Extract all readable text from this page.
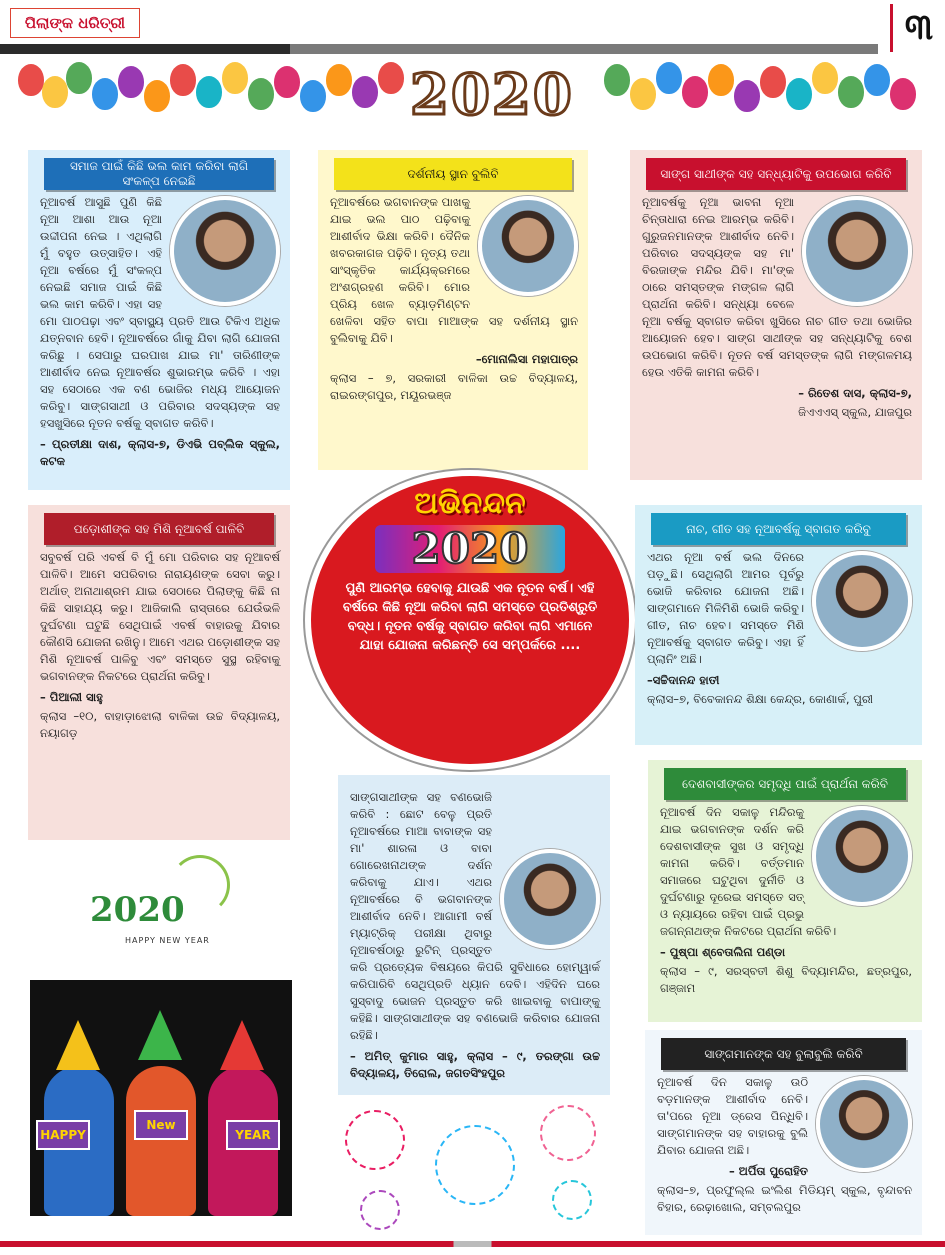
ପିଲାଙ୍କ ଧରିତ୍ରୀ	୩
2020
ସମାଜ ପାଇଁ କିଛି ଭଲ କାମ କରିବା ଲାଗି ସଂକଳ୍ପ ନେଇଛି

ନୂଆବର୍ଷ ଆସୁଛି ପୁଣି କିଛି ନୂଆ ଆଶା ଆଉ ନୂଆ ଉଦ୍ଦୀପନା ନେଇ । ଏଥିଲାଗି ମୁଁ ବହୁତ ଉତ୍ସାହିତ। ଏହି ନୂଆ ବର୍ଷରେ ମୁଁ ସଂକଳ୍ପ ନେଇଛି ସମାଜ ପାଇଁ କିଛି ଭଲ କାମ କରିବି। ଏହା ସହ ମୋ ପାଠପଢ଼ା ଏବଂ ସ୍ବାସ୍ଥ୍ୟ ପ୍ରତି ଆଉ ଟିକିଏ ଅଧିକ ଯତ୍ନବାନ ହେବି। ନୂଆବର୍ଷରେ ଗାଁକୁ ଯିବା ଲାଗି ଯୋଜନା କରିଛୁ । ସେପାରୁ ଘରପାଖ ଯାଇ ମା' ତାରିଣୀଙ୍କ ଆଶୀର୍ବାଦ ନେଇ ନୂଆବର୍ଷର ଶୁଭାରମ୍ଭ କରିବି । ଏହା ସହ ସେଠାରେ ଏକ ବଣ ଭୋଜିର ମଧ୍ୟ ଆୟୋଜନ କରିବୁ। ସାଙ୍ଗସାଥୀ ଓ ପରିବାର ସଦସ୍ୟଙ୍କ ସହ ହସଖୁସିରେ ନୂତନ ବର୍ଷକୁ ସ୍ବାଗତ କରିବି।

– ପ୍ରତୀକ୍ଷା ଦାଶ, କ୍ଲାସ-୭, ଡିଏଭି ପବ୍ଲିକ ସ୍କୁଲ, କଟକ

ଦର୍ଶନୀୟ ସ୍ଥାନ ବୁଲିବି

ନୂଆବର୍ଷରେ ଭଗବାନଙ୍କ ପାଖକୁ ଯାଇ ଭଲ ପାଠ ପଢ଼ିବାକୁ ଆଶୀର୍ବାଦ ଭିକ୍ଷା କରିବି। ଦୈନିକ ଖବରକାଗଜ ପଢ଼ିବି। ନୃତ୍ୟ ତଥା ସାଂସ୍କୃତିକ କାର୍ଯ୍ୟକ୍ରମରେ ଅଂଶଗ୍ରହଣ କରିବି। ମୋର ପ୍ରିୟ ଖେଳ ବ୍ୟାଡ଼ମିଣ୍ଟନ ଖେଳିବା ସହିତ ବାପା ମାଆଙ୍କ ସହ ଦର୍ଶନୀୟ ସ୍ଥାନ ବୁଲିବାକୁ ଯିବି।

–ମୋନାଲିସା ମହାପାତ୍ର

କ୍ଲାସ – ୭, ସରକାରୀ ବାଳିକା ଉଚ୍ଚ ବିଦ୍ୟାଳୟ, ରାଇରଙ୍ଗପୁର, ମୟୂରଭଞ୍ଜ

ସାଙ୍ଗ ସାଥୀଙ୍କ ସହ ସନ୍ଧ୍ୟାଟିକୁ ଉପଭୋଗ କରିବି

ନୂଆବର୍ଷକୁ ନୂଆ ଭାବନା ନୂଆ ଚିନ୍ତାଧାରା ନେଇ ଆରମ୍ଭ କରିବି। ଗୁରୁଜନମାନଙ୍କ ଆଶୀର୍ବାଦ ନେବି। ପରିବାର ସଦସ୍ୟଙ୍କ ସହ ମା' ବିରଜାଙ୍କ ମନ୍ଦିର ଯିବି। ମା'ଙ୍କ ଠାରେ ସମସ୍ତଙ୍କ ମଙ୍ଗଳ ଲାଗି ପ୍ରାର୍ଥନା କରିବି। ସନ୍ଧ୍ୟା ବେଳେ ନୂଆ ବର୍ଷକୁ ସ୍ବାଗତ କରିବା ଖୁସିରେ ନାଚ ଗୀତ ତଥା ଭୋଜିର ଆୟୋଜନ ହେବ। ସାଙ୍ଗ ସାଥୀଙ୍କ ସହ ସନ୍ଧ୍ୟାଟିକୁ ବେଶ ଉପଭୋଗ କରିବି। ନୂତନ ବର୍ଷ ସମସ୍ତଙ୍କ ଲାଗି ମଙ୍ଗଳମୟ ହେଉ ଏତିକି କାମନା କରିବି।

– ରିତେଶ ଦାସ, କ୍ଲାସ-୭,

ଜିଏଏଏସ୍ ସ୍କୁଲ, ଯାଜପୁର

ପଡ଼ୋଶୀଙ୍କ ସହ ମିଶି ନୂଆବର୍ଷ ପାଳିବି

ସବୁବର୍ଷ ପରି ଏବର୍ଷ ବି ମୁଁ ମୋ ପରିବାର ସହ ନୂଆବର୍ଷ ପାଳିବି। ଆମେ ସପରିବାର ନାରାୟଣଙ୍କ ସେବା କରୁ। ଅର୍ଥାତ୍ ଅନାଥାଶ୍ରମ ଯାଇ ସେଠାରେ ପିଲାଙ୍କୁ କିଛି ନା କିଛି ସାହାଯ୍ୟ କରୁ। ଆଜିକାଲି ରାସ୍ତାରେ ଯେଉଁଭଳି ଦୁର୍ଘଟଣା ଘଟୁଛି ସେଥିପାଇଁ ଏବର୍ଷ ବାହାରକୁ ଯିବାର କୌଣସି ଯୋଜନା ରଖିନୁ। ଆମେ ଏଥର ପଡ଼ୋଶୀଙ୍କ ସହ ମିଶି ନୂଆବର୍ଷ ପାଳିବୁ ଏବଂ ସମସ୍ତେ ସୁସ୍ଥ ରହିବାକୁ ଭଗବାନଙ୍କ ନିକଟରେ ପ୍ରାର୍ଥନା କରିବୁ।

– ପିଆଲୀ ସାହୁ

କ୍ଲାସ –୧୦, ବାହାଡ଼ାଝୋଲା ବାଳିକା ଉଚ୍ଚ ବିଦ୍ୟାଳୟ, ନୟାଗଡ଼

ଅଭିନନ୍ଦନ
2020

ପୁଣି ଆରମ୍ଭ ହେବାକୁ ଯାଉଛି ଏକ ନୂତନ ବର୍ଷ। ଏହି ବର୍ଷରେ କିଛି ନୂଆ କରିବା ଲାଗି ସମସ୍ତେ ପ୍ରତିଶ୍ରୁତି ବଦ୍ଧ। ନୂତନ ବର୍ଷକୁ ସ୍ବାଗତ କରିବା ଲାଗି ଏମାନେ ଯାହା ଯୋଜନା କରିଛନ୍ତି ସେ ସମ୍ପର୍କରେ ....

ନାଚ, ଗୀତ ସହ ନୂଆବର୍ଷକୁ ସ୍ବାଗତ କରିବୁ

ଏଥର ନୂଆ ବର୍ଷ ଭଲ ଦିନରେ ପଡ଼ୁଛି। ସେଥିଲାଗି ଆମର ପୂର୍ବରୁ ଭୋଜି କରିବାର ଯୋଜନା ଅଛି। ସାଙ୍ଗମାନେ ମିଳିମିଶି ଭୋଜି କରିବୁ। ଗୀତ, ନାଚ ହେବ। ସମସ୍ତେ ମିଶି ନୂଆବର୍ଷକୁ ସ୍ବାଗତ କରିବୁ। ଏହା ହିଁ ପ୍ଲାନିଂ ଅଛି।

–ସଚ୍ଚିଦାନନ୍ଦ ହାତୀ

କ୍ଲାସ–୭, ବିବେକାନନ୍ଦ ଶିକ୍ଷା କେନ୍ଦ୍ର, କୋଣାର୍କ, ପୁରୀ

ସାଙ୍ଗସାଥୀଙ୍କ ସହ ବଣଭୋଜି କରିବି : ଛୋଟ ବେଳୁ ପ୍ରତି ନୂଆବର୍ଷରେ ମାଆ ବାବାଙ୍କ ସହ ମା' ଶାରଳା ଓ ବାବା ଗୋରେଖନାଥଙ୍କ ଦର୍ଶନ କରିବାକୁ ଯାଏ। ଏଥର ନୂଆବର୍ଷରେ ବି ଭଗବାନଙ୍କ ଆଶୀର୍ବାଦ ନେବି। ଆଗାମୀ ବର୍ଷ ମ୍ୟାଟ୍ରିକ୍ ପରୀକ୍ଷା ଥିବାରୁ ନୂଆବର୍ଷଠାରୁ ରୁଟିନ୍ ପ୍ରସ୍ତୁତ କରି ପ୍ରତ୍ୟେକ ବିଷୟରେ କିପରି ସୁବିଧାରେ ହୋମ୍‌ୱାର୍କ କରିପାରିବି ସେଥିପ୍ରତି ଧ୍ୟାନ ଦେବି। ଏହିଦିନ ଘରେ ସୁସ୍ବାଦୁ ଭୋଜନ ପ୍ରସ୍ତୁତ କରି ଖାଇବାକୁ ବାପାଙ୍କୁ କହିଛି। ସାଙ୍ଗସାଥୀଙ୍କ ସହ ବଣଭୋଜି କରିବାର ଯୋଜନା ରହିଛି।

– ଅମିତ୍ କୁମାର ସାହୁ, କ୍ଲାସ – ୯, ତରଙ୍ଗା ଉଚ୍ଚ ବିଦ୍ୟାଳୟ, ତିରୋଲ, ଜଗତସିଂହପୁର

ଦେଶବାସୀଙ୍କର ସମୃଦ୍ଧି ପାଇଁ ପ୍ରାର୍ଥନା କରିବି

ନୂଆବର୍ଷ ଦିନ ସକାଳୁ ମନ୍ଦିରକୁ ଯାଇ ଭଗବାନଙ୍କ ଦର୍ଶନ କରି ଦେଶବାସୀଙ୍କ ସୁଖ ଓ ସମୃଦ୍ଧି କାମନା କରିବି। ବର୍ତ୍ତମାନ ସମାଜରେ ଘଟୁଥିବା ଦୁର୍ନୀତି ଓ ଦୁର୍ଘଟଣାରୁ ଦୂରେଇ ସମସ୍ତେ ସତ୍ ଓ ନ୍ୟାୟରେ ରହିବା ପାଇଁ ପ୍ରଭୁ ଜଗନ୍ନାଥଙ୍କ ନିକଟରେ ପ୍ରାର୍ଥନା କରିବି।

– ପୁଷ୍ପା ଶ୍ବେତାଲିନା ପଣ୍ଡା

କ୍ଲାସ – ୯, ସରସ୍ବତୀ ଶିଶୁ ବିଦ୍ୟାମନ୍ଦିର, ଛତ୍ରପୁର, ଗଞ୍ଜାମ

ସାଙ୍ଗମାନଙ୍କ ସହ ବୁଲାବୁଲି କରିବି

ନୂଆବର୍ଷ ଦିନ ସକାଳୁ ଉଠି ବଡ଼ମାନଙ୍କ ଆଶୀର୍ବାଦ ନେବି। ତା'ପରେ ନୂଆ ଡ୍ରେସ ପିନ୍ଧିବି। ସାଙ୍ଗମାନଙ୍କ ସହ ବାହାରକୁ ବୁଲି ଯିବାର ଯୋଜନା ଅଛି।

– ଅର୍ପିତା ପୁରୋହିତ

କ୍ଲାସ–୭, ପ୍ରଫୁଲ୍ଲ ଇଂଲିଶ ମିଡିୟମ୍ ସ୍କୁଲ, ବୃନ୍ଦାବନ ବିହାର, ରେଢ଼ାଖୋଲ, ସମ୍ବଲପୁର

2020
HAPPY NEW YEAR
HAPPY
New
YEAR
